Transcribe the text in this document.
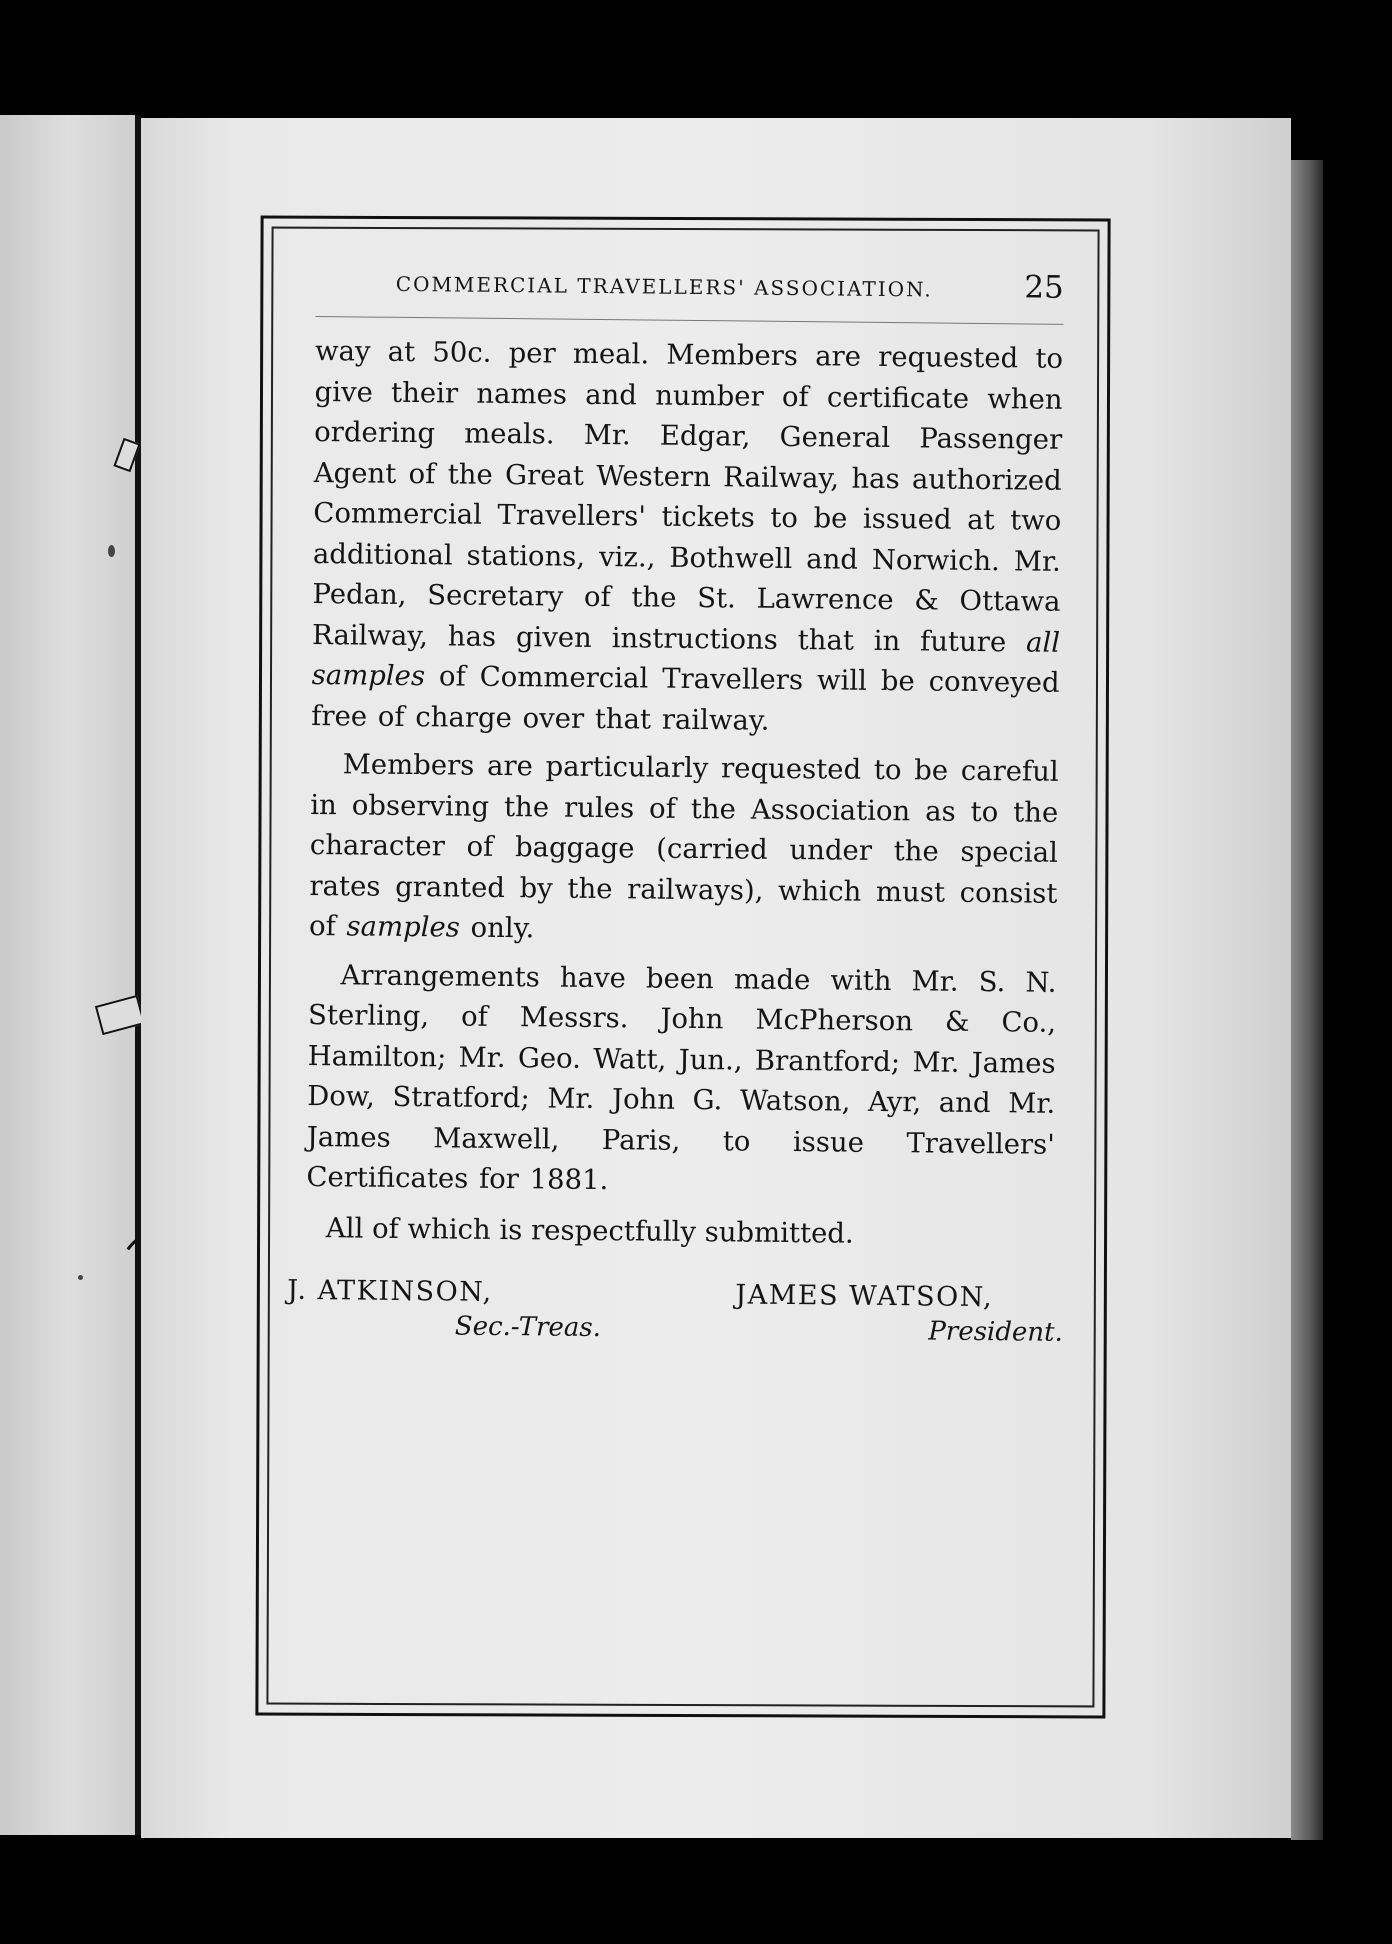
COMMERCIAL TRAVELLERS' ASSOCIATION.	25

way at 50c. per meal. Members are requested to give their names and number of certificate when ordering meals. Mr. Edgar, General Passenger Agent of the Great Western Railway, has authorized Commercial Travellers' tickets to be issued at two additional stations, viz., Bothwell and Norwich. Mr. Pedan, Secretary of the St. Lawrence & Ottawa Railway, has given instructions that in future all samples of Commercial Travellers will be conveyed free of charge over that railway.

Members are particularly requested to be careful in observing the rules of the Association as to the character of baggage (carried under the special rates granted by the railways), which must consist of samples only.

Arrangements have been made with Mr. S. N. Sterling, of Messrs. John McPherson & Co., Hamilton; Mr. Geo. Watt, Jun., Brantford; Mr. James Dow, Stratford; Mr. John G. Watson, Ayr, and Mr. James Maxwell, Paris, to issue Travellers' Certificates for 1881.

All of which is respectfully submitted.

J. ATKINSON,
Sec.-Treas.
JAMES WATSON,
President.
